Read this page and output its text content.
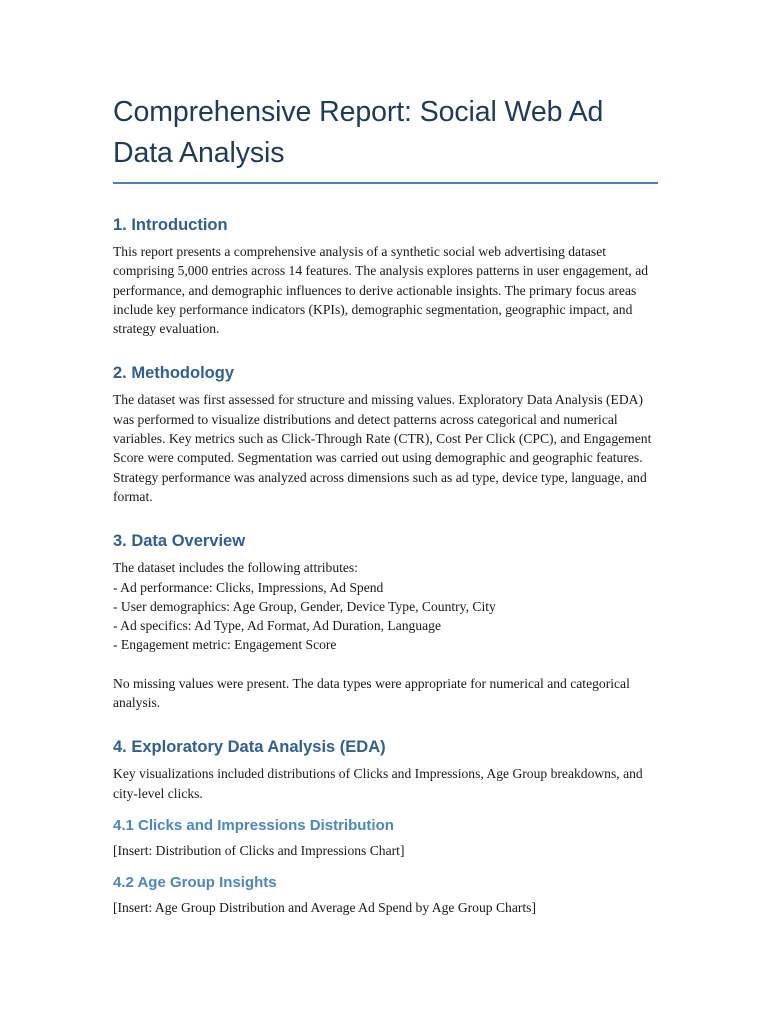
Comprehensive Report: Social Web Ad Data Analysis
1. Introduction

This report presents a comprehensive analysis of a synthetic social web advertising dataset comprising 5,000 entries across 14 features. The analysis explores patterns in user engagement, ad performance, and demographic influences to derive actionable insights. The primary focus areas include key performance indicators (KPIs), demographic segmentation, geographic impact, and strategy evaluation.

2. Methodology

The dataset was first assessed for structure and missing values. Exploratory Data Analysis (EDA) was performed to visualize distributions and detect patterns across categorical and numerical variables. Key metrics such as Click-Through Rate (CTR), Cost Per Click (CPC), and Engagement Score were computed. Segmentation was carried out using demographic and geographic features. Strategy performance was analyzed across dimensions such as ad type, device type, language, and format.

3. Data Overview

The dataset includes the following attributes:

- Ad performance: Clicks, Impressions, Ad Spend

- User demographics: Age Group, Gender, Device Type, Country, City

- Ad specifics: Ad Type, Ad Format, Ad Duration, Language

- Engagement metric: Engagement Score

No missing values were present. The data types were appropriate for numerical and categorical analysis.

4. Exploratory Data Analysis (EDA)

Key visualizations included distributions of Clicks and Impressions, Age Group breakdowns, and city-level clicks.

4.1 Clicks and Impressions Distribution

[Insert: Distribution of Clicks and Impressions Chart]

4.2 Age Group Insights

[Insert: Age Group Distribution and Average Ad Spend by Age Group Charts]
